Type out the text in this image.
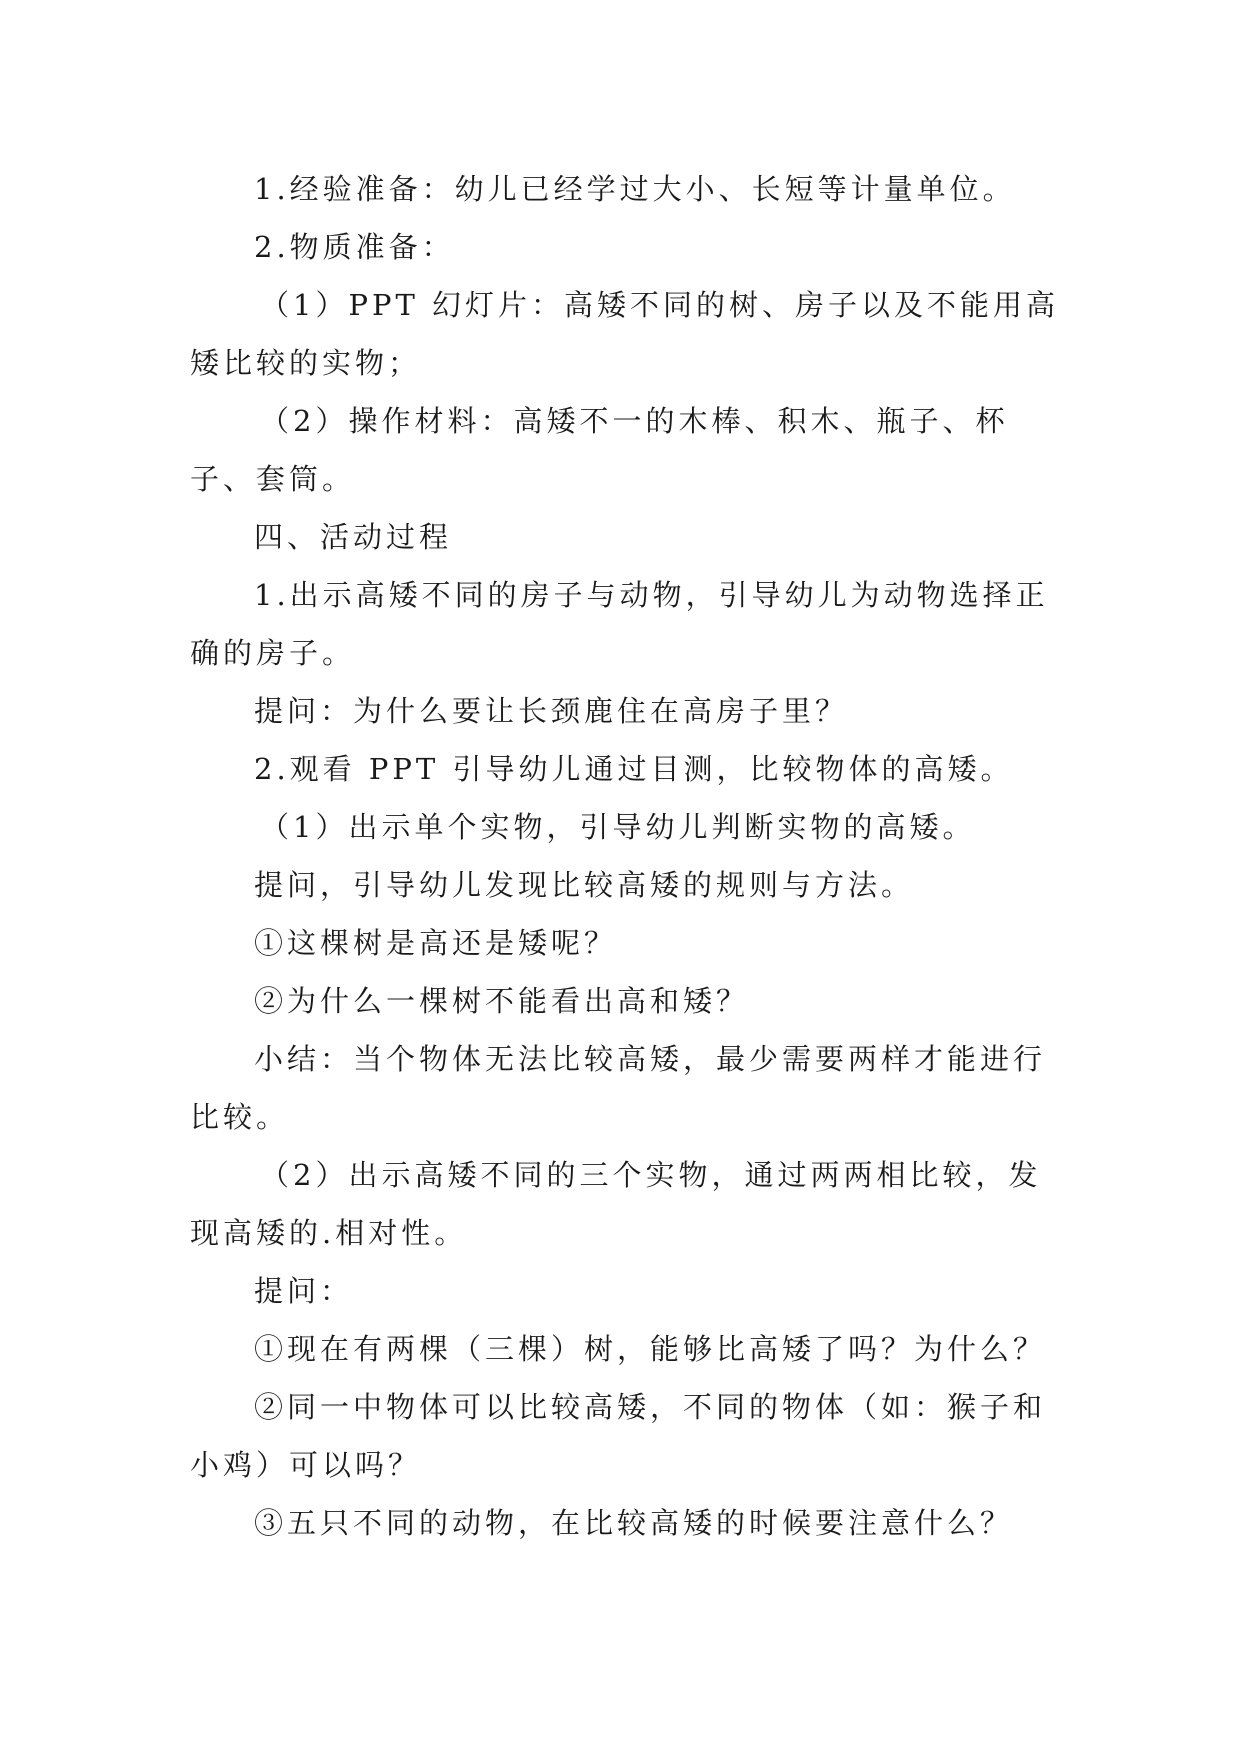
1.经验准备：幼儿已经学过大小、长短等计量单位。

2.物质准备：

（1）PPT 幻灯片：高矮不同的树、房子以及不能用高矮比较的实物；

（2）操作材料：高矮不一的木棒、积木、瓶子、杯子、套筒。

四、活动过程

1.出示高矮不同的房子与动物，引导幼儿为动物选择正确的房子。

提问：为什么要让长颈鹿住在高房子里？

2.观看 PPT 引导幼儿通过目测，比较物体的高矮。

（1）出示单个实物，引导幼儿判断实物的高矮。

提问，引导幼儿发现比较高矮的规则与方法。

①这棵树是高还是矮呢？

②为什么一棵树不能看出高和矮？

小结：当个物体无法比较高矮，最少需要两样才能进行比较。

（2）出示高矮不同的三个实物，通过两两相比较，发现高矮的.相对性。

提问：

①现在有两棵（三棵）树，能够比高矮了吗？为什么？

②同一中物体可以比较高矮，不同的物体（如：猴子和小鸡）可以吗？

③五只不同的动物，在比较高矮的时候要注意什么？
